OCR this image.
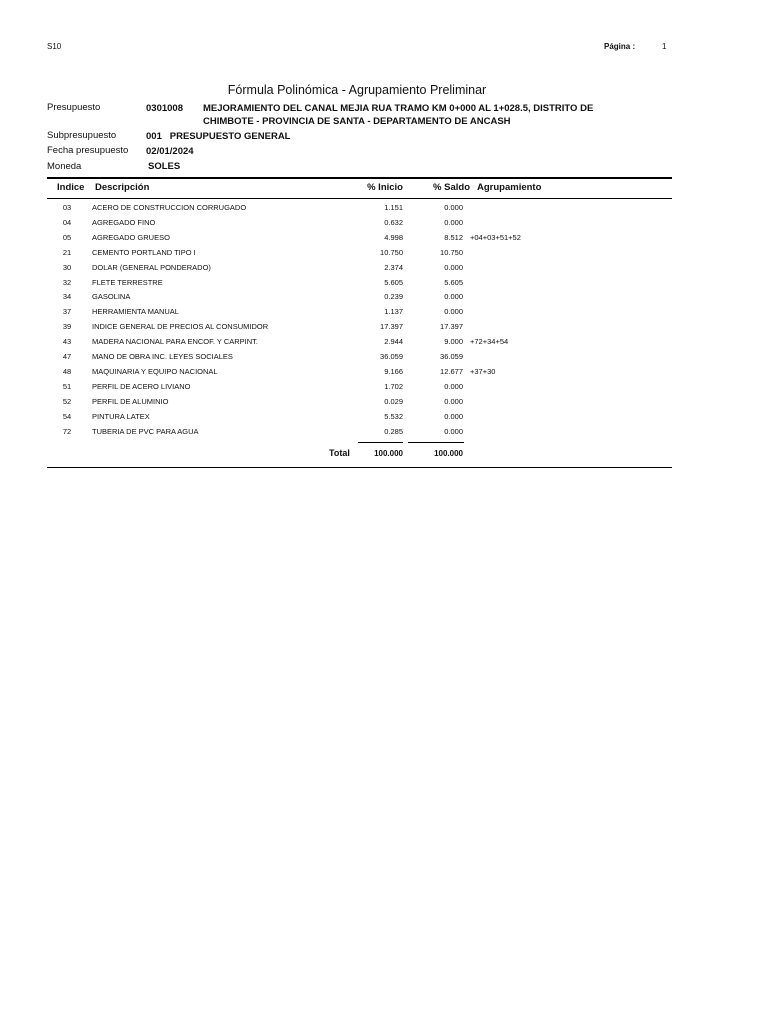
S10	Página :	1
Fórmula Polinómica - Agrupamiento Preliminar
Presupuesto	0301008 MEJORAMIENTO DEL CANAL MEJIA RUA TRAMO KM 0+000 AL 1+028.5, DISTRITO DE
CHIMBOTE - PROVINCIA DE SANTA - DEPARTAMENTO DE ANCASH
Subpresupuesto	001   PRESUPUESTO GENERAL
Fecha presupuesto 02/01/2024
Moneda	SOLES
Indice Descripción	% Inicio	% Saldo Agrupamiento
03	ACERO DE CONSTRUCCION CORRUGADO	1.151	0.000
04	AGREGADO FINO	0.632	0.000
05	AGREGADO GRUESO	4.998	8.512 +04+03+51+52
21	CEMENTO PORTLAND TIPO I	10.750	10.750
30	DOLAR (GENERAL PONDERADO)	2.374	0.000
32	FLETE TERRESTRE	5.605	5.605
34	GASOLINA	0.239	0.000
37	HERRAMIENTA MANUAL	1.137	0.000
39	INDICE GENERAL DE PRECIOS AL CONSUMIDOR	17.397	17.397
43	MADERA NACIONAL PARA ENCOF. Y CARPINT.	2.944	9.000 +72+34+54
47	MANO DE OBRA INC. LEYES SOCIALES	36.059	36.059
48	MAQUINARIA Y EQUIPO NACIONAL	9.166	12.677 +37+30
51	PERFIL DE ACERO LIVIANO	1.702	0.000
52	PERFIL DE ALUMINIO	0.029	0.000
54	PINTURA LATEX	5.532	0.000
72	TUBERIA DE PVC PARA AGUA	0.285	0.000
Total	100.000	100.000
